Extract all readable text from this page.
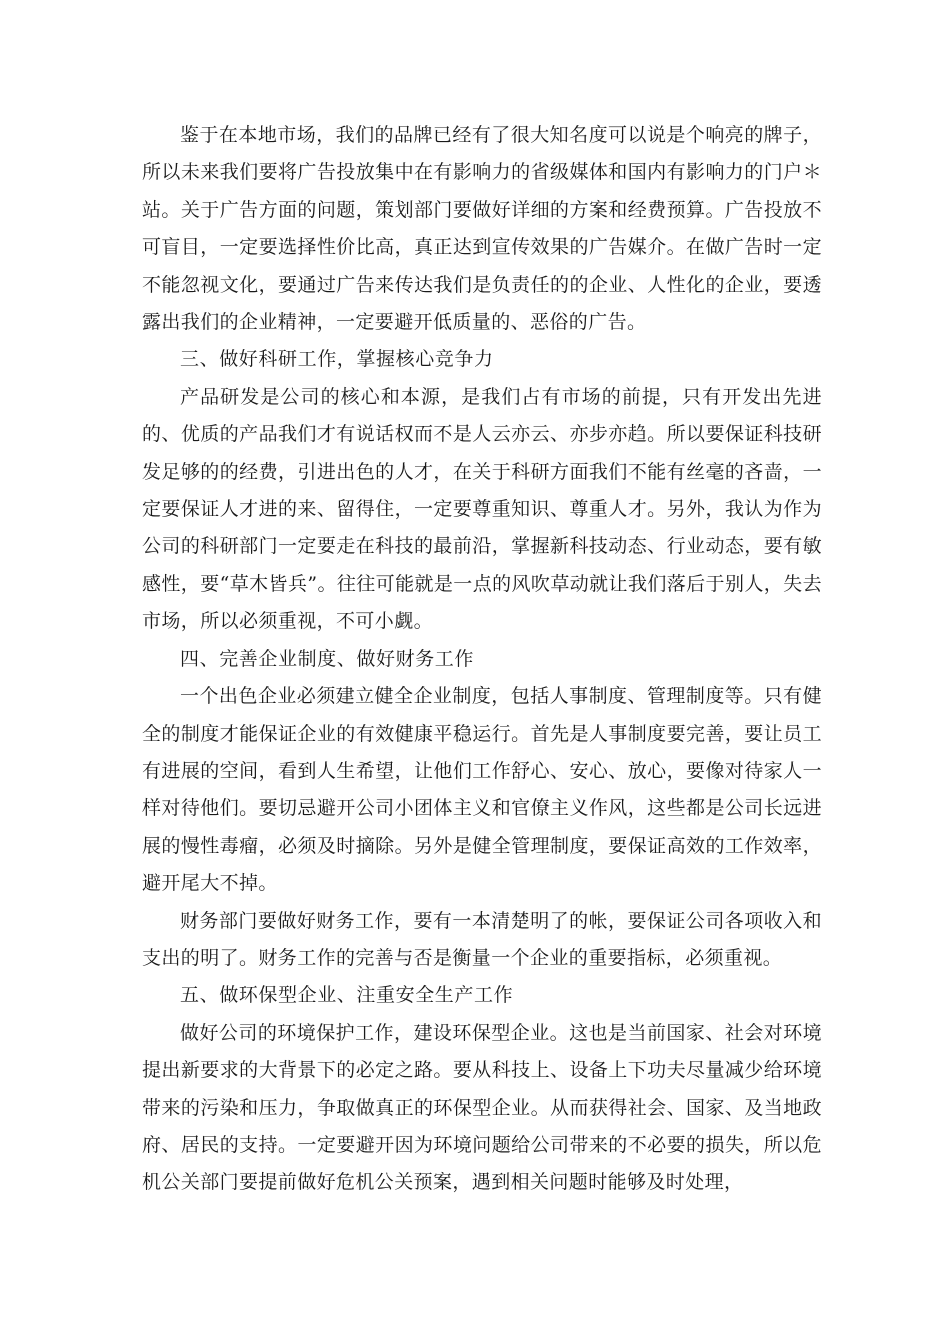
鉴于在本地市场，我们的品牌已经有了很大知名度可以说是个响亮的牌子，所以未来我们要将广告投放集中在有影响力的省级媒体和国内有影响力的门户＊站。关于广告方面的问题，策划部门要做好详细的方案和经费预算。广告投放不可盲目，一定要选择性价比高，真正达到宣传效果的广告媒介。在做广告时一定不能忽视文化，要通过广告来传达我们是负责任的的企业、人性化的企业，要透露出我们的企业精神，一定要避开低质量的、恶俗的广告。

三、做好科研工作，掌握核心竞争力

产品研发是公司的核心和本源，是我们占有市场的前提，只有开发出先进的、优质的产品我们才有说话权而不是人云亦云、亦步亦趋。所以要保证科技研发足够的的经费，引进出色的人才，在关于科研方面我们不能有丝毫的吝啬，一定要保证人才进的来、留得住，一定要尊重知识、尊重人才。另外，我认为作为公司的科研部门一定要走在科技的最前沿，掌握新科技动态、行业动态，要有敏感性，要“草木皆兵”。往往可能就是一点的风吹草动就让我们落后于别人，失去市场，所以必须重视，不可小觑。

四、完善企业制度、做好财务工作

一个出色企业必须建立健全企业制度，包括人事制度、管理制度等。只有健全的制度才能保证企业的有效健康平稳运行。首先是人事制度要完善，要让员工有进展的空间，看到人生希望，让他们工作舒心、安心、放心，要像对待家人一样对待他们。要切忌避开公司小团体主义和官僚主义作风，这些都是公司长远进展的慢性毒瘤，必须及时摘除。另外是健全管理制度，要保证高效的工作效率，避开尾大不掉。

财务部门要做好财务工作，要有一本清楚明了的帐，要保证公司各项收入和支出的明了。财务工作的完善与否是衡量一个企业的重要指标，必须重视。

五、做环保型企业、注重安全生产工作

做好公司的环境保护工作，建设环保型企业。这也是当前国家、社会对环境提出新要求的大背景下的必定之路。要从科技上、设备上下功夫尽量减少给环境带来的污染和压力，争取做真正的环保型企业。从而获得社会、国家、及当地政府、居民的支持。一定要避开因为环境问题给公司带来的不必要的损失，所以危机公关部门要提前做好危机公关预案，遇到相关问题时能够及时处理，
